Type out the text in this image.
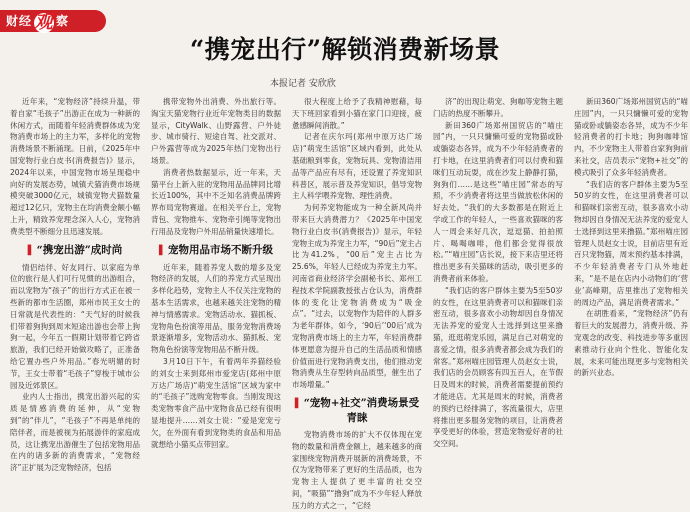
财经 观 察
“携宠出行”解锁消费新场景
本报记者 安欣欣

近年来，“宠物经济”持续升温，带着自家“毛孩子”出游正在成为一种新的休闲方式，而随着年轻消费群体成为宠物消费市场上的主力军，多样化的宠物消费场景不断涌现。日前，《2025年中国宠物行业白皮书(消费报告)》显示，2024年以来，中国宠物市场呈现稳中向好的发展态势，城镇犬猫消费市场规模突破3000亿元，城镇宠物犬猫数量超过12亿只，宠物主在均消费金额小幅上升，精致养宠理念深入人心，宠物消费类型不断细分且迅速发展。

▌ “携宠出游”成时尚

情侣结伴、好友同行、以家庭为单位的旅行是人们可行见惯的出游组合，而以宠物为“孩子”的出行方式正在被一些新的都市生活圈，郑州市民王女士的日常就是代表性的：“天气好的时候我们带着狗狗到周末短途出游也会带上狗狗一起，今年五一假期计划带着它跨省旅游，我们已经开始做攻略了，正准备给它置办些户外用品。”春光明媚的时节，王女士带着“毛孩子”穿梭于城市公园及近郊景区。

业内人士指出，携宠出游兴起的实质是情感消费的延伸，从“宠物到”的“伴儿”，“毛孩子”不再是单纯的陪伴者，而是被视为拓展游伴的家庭成员，这让携宠出游催生了包括宠物用品在内的诸多新的消费需求，“宠物经济”正扩展为泛宠物经济，包括

携带宠物外出消费、外出旅行等。淘宝天猫宠物行业近年宠物类目的数据显示，CityWalk、山野露营、户外徒步、城市骑行、短途自驾、社交派对、户外露营等成为2025年热门宠物出行场景。

消费者热数据显示，近一年来，天猫平台上新入驻的宠物用品品牌同比增长近100%，其中不乏知名消费品牌跨界布局宠物赛道。在相关平台上，宠物背包、宠物推车、宠物牵引绳等宠物出行用品及宠物户外用品销量快速增长。

▌ 宠物用品市场不断升级

近年来，随着养宠人数的增多及宠物经济的发展，人们的养宠方式呈现出多样化趋势，宠物主人不仅关注宠物的基本生活需求，也越来越关注宠物的精神与情感需求。宠物活动水、猫抓板、宠物角色扮演等用品，服务宠物消费场景逐渐增多，宠物活动水、猫抓板、宠物角色扮演等宠物用品不断升级。

3月10日下午，有着两年养猫经验的刘女士来到郑州市爱宠店(郑州中原万达广场店)“萌宠生活馆”区域为家中的“毛孩子”选购宠物零食。当刚发现这类宠物零食产品中宠物食品已经有很明显地提升……刘女士说：“爱是宠宠亏欠，在外面有看到宠物类的食品和用品就想给小猫买点带回家。

很大程度上给予了我精神慰藉，每天下班回家看到小猫在家门口迎接，疲惫感瞬间消散。”

记者在庆尔玛(郑州中原万达广场店)“萌宠生活馆”区域内看到，此处从基础粮到零食，宠物玩具、宠物清洁用品等产品应有尽有，还设置了养宠知识科普区，展示普及养宠知识，倡导宠物主人科学喂养宠物、理性消费。

为何养宠物能成为一种全新风尚并带来巨大消费潜力？《2025年中国宠物行业白皮书(消费报告)》显示，年轻宠物主成为养宠主力军，“90后”宠主占比为41.2%，“00后”宠主占比为25.6%，年轻人已经成为养宠主力军。河南省商业经济学会副秘书长、郑州工程技术学院副教授张占仓认为，消费群体的变化让宠物消费成为“吸金点”。“过去，以宠物作为陪伴的人群多为老年群体，如今，‘90后’‘00后’成为宠物消费市场上的主力军，年轻消费群体更愿意为提升自己的生活品质和情感价值而进行宠物消费支出，他们推动宠物消费从生存型转向品质型，催生出了市场增量。”

▌ “宠物+社交”消费场景受青睐

宠物消费市场的扩大不仅体现在宠物的数量和消费金额上，越来越多的商家围绕宠物消费开展新的消费场景，不仅为宠物带来了更好的生活品质，也为宠物主人提供了更丰富的社交空间，“吸猫”“撸狗”成为不少年轻人释放压力的方式之一，“它经

济”的出现让萌宠、狗咖等宠物主题门店的热度不断攀升。

新田360广场郑州国贸店的“喵庄园”内，一只只慵懒可爱的宠物猫或卧或躺姿态各异，成为不少年轻消费者的打卡地，在这里消费者们可以付费和猫咪们互动玩耍，成在沙发上静静打猫，狗狗们……是这些“喵庄园”常态的写照，不少消费者将这里当做放松休闲的好去处。“我们的大多数都是在附近上学或工作的年轻人，一些喜欢猫咪的客人一周会来好几次，逗逗猫、拍拍照片、喝喝咖啡，他们都会觉得很放松。”“喵庄园”店长说，接下来店里还将推出更多有关猫咪的活动，吸引更多的消费者前来体验。

“我们店的客户群体主要为5至50岁的女性，在这里消费者可以和猫咪们亲密互动，很多喜欢小动物却因自身情况无法养宠的爱宠人士选择到这里来撸猫，逛逛萌宠乐园，满足自己对萌宠的喜爱之情，很多消费者都会成为我们的常客。”郑州喵庄园管理人员赵女士说，我们店的会员顾客有四五百人，在节假日及周末的时候，消费者需要提前预约才能进店。尤其是周末的时候，消费者的预约已经排满了，客流量很大，店里将推出更多服务宠物的项目，让消费者享受更好的体验，营造宠物爱好者的社交空间。

新田360广场郑州国贸店的“喵庄园”内，一只只慵懒可爱的宠物猫或卧或躺姿态各异，成为不少年轻消费者的打卡地；狗狗咖啡馆内，不少宠物主人带着自家狗狗前来社交，店员表示“宠物+社交”的模式吸引了众多年轻消费者。

“我们店的客户群体主要为5至50岁的女性，在这里消费者可以和猫咪们亲密互动，很多喜欢小动物却因自身情况无法养宠的爱宠人士选择到这里来撸猫。”郑州喵庄园管理人员赵女士说，目前店里有近百只宠物猫，周末预约基本排满，不少年轻消费者专门从外地赶来，“是不是在店内小动物们的‘营业’高峰期，店里推出了宠物相关的周边产品，满足消费者需求。”

在胡胜看来，“宠物经济”仍有着巨大的发展潜力，消费升级、养宠观念的改变、科技进步等多重因素推动行业向个性化、智能化发展，未来可能出现更多与宠物相关的新兴业态。
